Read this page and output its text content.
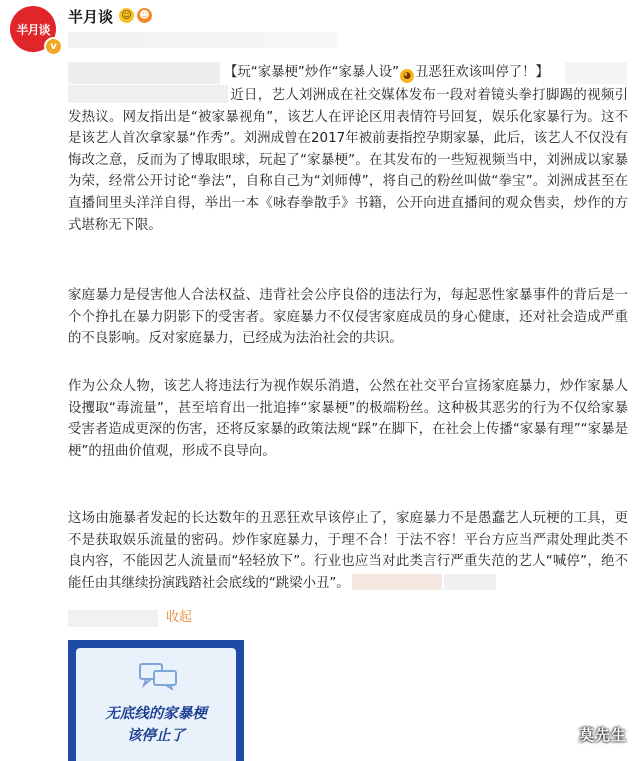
半月谈
v
半月谈 ☺ ☻
【玩“家暴梗”炒作“家暴人设” ◕ 丑恶狂欢该叫停了！】

近日，艺人刘洲成在社交媒体发布一段对着镜头拳打脚踢的视频引发热议。网友指出是“被家暴视角”，该艺人在评论区用表情符号回复，娱乐化家暴行为。这不是该艺人首次拿家暴“作秀”。刘洲成曾在2017年被前妻指控孕期家暴，此后，该艺人不仅没有悔改之意，反而为了博取眼球，玩起了“家暴梗”。在其发布的一些短视频当中，刘洲成以家暴为荣，经常公开讨论“拳法”，自称自己为“刘师傅”，将自己的粉丝叫做“拳宝”。刘洲成甚至在直播间里头洋洋自得，举出一本《咏春拳散手》书籍，公开向进直播间的观众售卖，炒作的方式堪称无下限。

家庭暴力是侵害他人合法权益、违背社会公序良俗的违法行为，每起恶性家暴事件的背后是一个个挣扎在暴力阴影下的受害者。家庭暴力不仅侵害家庭成员的身心健康，还对社会造成严重的不良影响。反对家庭暴力，已经成为法治社会的共识。

作为公众人物，该艺人将违法行为视作娱乐消遣，公然在社交平台宣扬家庭暴力，炒作家暴人设攫取“毒流量”，甚至培育出一批追捧“家暴梗”的极端粉丝。这种极其恶劣的行为不仅给家暴受害者造成更深的伤害，还将反家暴的政策法规“踩”在脚下，在社会上传播“家暴有理”“家暴是梗”的扭曲价值观，形成不良导向。

这场由施暴者发起的长达数年的丑恶狂欢早该停止了，家庭暴力不是愚蠢艺人玩梗的工具，更不是获取娱乐流量的密码。炒作家庭暴力，于理不合！于法不容！平台方应当严肃处理此类不良内容，不能因艺人流量而“轻轻放下”。行业也应当对此类言行严重失范的艺人“喊停”，绝不能任由其继续扮演践踏社会底线的“跳梁小丑”。

收起
无底线的家暴梗
该停止了	莫先生
